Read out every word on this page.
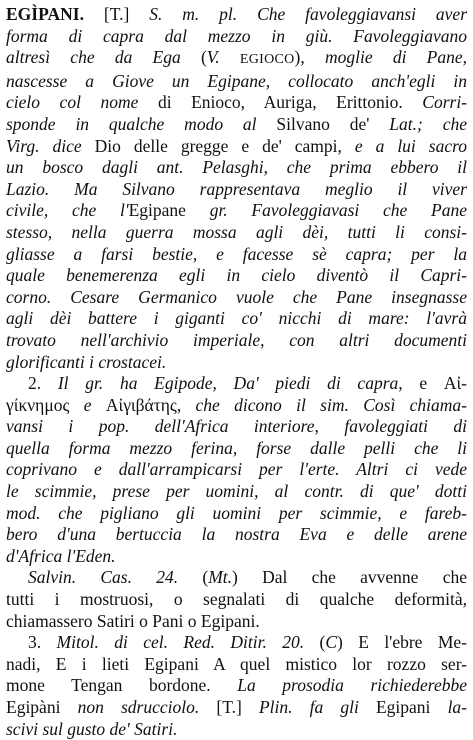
EGÌPANI. [T.] S. m. pl. Che favoleggiavansi aver
forma di capra dal mezzo in giù. Favoleggiavano
altresì che da Ega (V. EGIOCO), moglie di Pane,
nascesse a Giove un Egipane, collocato anch'egli in
cielo col nome di Enioco, Auriga, Erittonio. Corri-
sponde in qualche modo al Silvano de' Lat.; che
Virg. dice Dio delle gregge e de' campi, e a lui sacro
un bosco dagli ant. Pelasghi, che prima ebbero il
Lazio. Ma Silvano rappresentava meglio il viver
civile, che l'Egipane gr. Favoleggiavasi che Pane
stesso, nella guerra mossa agli dèi, tutti li consi-
gliasse a farsi bestie, e facesse sè capra; per la
quale benemerenza egli in cielo diventò il Capri-
corno. Cesare Germanico vuole che Pane insegnasse
agli dèi battere i giganti co' nicchi di mare: l'avrà
trovato nell'archivio imperiale, con altri documenti
glorificanti i crostacei.
2. Il gr. ha Egipode, Da' piedi di capra, e Αἰ-
γίκνημος e Αἰγιβάτης, che dicono il sim. Così chiama-
vansi i pop. dell'Africa interiore, favoleggiati di
quella forma mezzo ferina, forse dalle pelli che li
coprivano e dall'arrampicarsi per l'erte. Altri ci vede
le scimmie, prese per uomini, al contr. di que' dotti
mod. che pigliano gli uomini per scimmie, e fareb-
bero d'una bertuccia la nostra Eva e delle arene
d'Africa l'Eden.
Salvin. Cas. 24. (Mt.) Dal che avvenne che
tutti i mostruosi, o segnalati di qualche deformità,
chiamassero Satiri o Pani o Egipani.
3. Mitol. di cel. Red. Ditir. 20. (C) E l'ebre Me-
nadi, E i lieti Egipani A quel mistico lor rozzo ser-
mone Tengan bordone. La prosodia richiederebbe
Egipàni non sdrucciolo. [T.] Plin. fa gli Egipani la-
scivi sul gusto de' Satiri.
